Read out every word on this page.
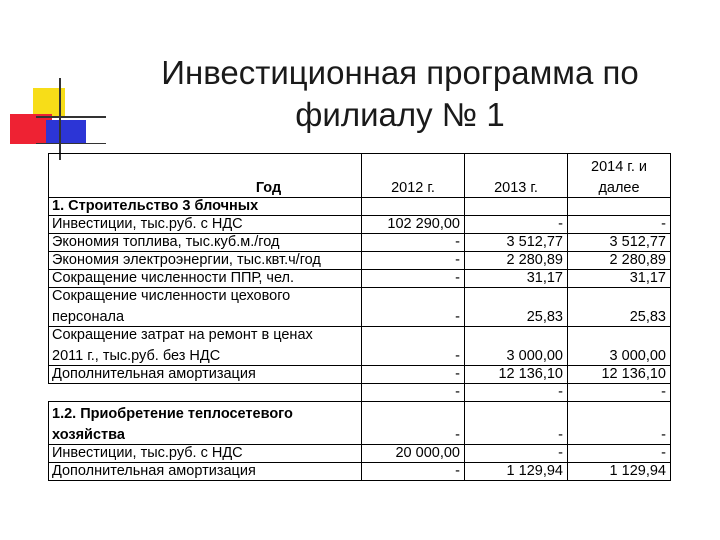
Инвестиционная программа по
филиалу № 1
			2014 г. и
Год	2012 г.	2013 г.	далее
1. Строительство 3 блочных			
Инвестиции, тыс.руб. с НДС	102 290,00	-	-
Экономия топлива, тыс.куб.м./год	-	3 512,77	3 512,77
Экономия электроэнергии, тыс.квт.ч/год	-	2 280,89	2 280,89
Сокращение численности ППР, чел.	-	31,17	31,17

Сокращение численности цехового
персонала	-	25,83	25,83

Сокращение затрат на ремонт в ценах
2011 г., тыс.руб. без НДС	-	3 000,00	3 000,00
Дополнительная амортизация	-	12 136,10	12 136,10
	-	-	-

1.2. Приобретение теплосетевого
хозяйства	-	-	-
Инвестиции, тыс.руб. с НДС	20 000,00	-	-
Дополнительная амортизация	-	1 129,94	1 129,94
